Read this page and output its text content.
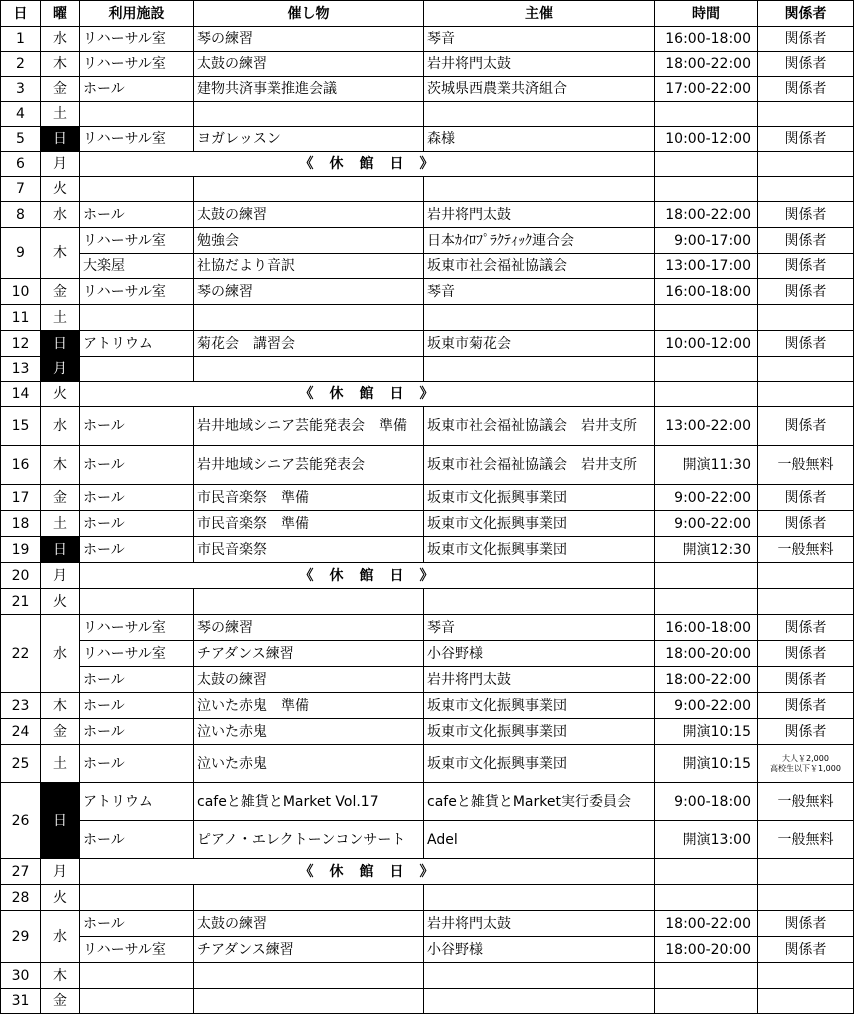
日	曜	利用施設	催し物	主催	時間	関係者
1	水	リハーサル室	琴の練習	琴音	16:00-18:00	関係者
2	木	リハーサル室	太鼓の練習	岩井将門太鼓	18:00-22:00	関係者
3	金	ホール	建物共済事業推進会議	茨城県西農業共済組合	17:00-22:00	関係者
4	土					
5	日	リハーサル室	ヨガレッスン	森様	10:00-12:00	関係者
6	月	《　休　館　日　》				
7	火					
8	水	ホール	太鼓の練習	岩井将門太鼓	18:00-22:00	関係者
9	木	リハーサル室	勉強会	日本ｶｲﾛﾌﾟﾗｸﾃｨｯｸ連合会	9:00-17:00	関係者
		大楽屋	社協だより音訳	坂東市社会福祉協議会	13:00-17:00	関係者
10	金	リハーサル室	琴の練習	琴音	16:00-18:00	関係者
11	土					
12	日	アトリウム	菊花会　講習会	坂東市菊花会	10:00-12:00	関係者
13	月					
14	火	《　休　館　日　》				
15	水	ホール	岩井地域シニア芸能発表会　準備	坂東市社会福祉協議会　岩井支所	13:00-22:00	関係者
16	木	ホール	岩井地域シニア芸能発表会	坂東市社会福祉協議会　岩井支所	開演11:30	一般無料
17	金	ホール	市民音楽祭　準備	坂東市文化振興事業団	9:00-22:00	関係者
18	土	ホール	市民音楽祭　準備	坂東市文化振興事業団	9:00-22:00	関係者
19	日	ホール	市民音楽祭	坂東市文化振興事業団	開演12:30	一般無料
20	月	《　休　館　日　》				
21	火					
22	水	リハーサル室	琴の練習	琴音	16:00-18:00	関係者
		リハーサル室	チアダンス練習	小谷野様	18:00-20:00	関係者
		ホール	太鼓の練習	岩井将門太鼓	18:00-22:00	関係者
23	木	ホール	泣いた赤鬼　準備	坂東市文化振興事業団	9:00-22:00	関係者
24	金	ホール	泣いた赤鬼	坂東市文化振興事業団	開演10:15	関係者
25	土	ホール	泣いた赤鬼	坂東市文化振興事業団	開演10:15	大人￥2,000
高校生以下￥1,000

26	日	アトリウム	cafeと雑貨とMarket Vol.17	cafeと雑貨とMarket実行委員会	9:00-18:00	一般無料
		ホール	ピアノ・エレクトーンコンサート	Adel	開演13:00	一般無料
27	月	《　休　館　日　》				
28	火					
29	水	ホール	太鼓の練習	岩井将門太鼓	18:00-22:00	関係者
		リハーサル室	チアダンス練習	小谷野様	18:00-20:00	関係者
30	木					
31	金					
